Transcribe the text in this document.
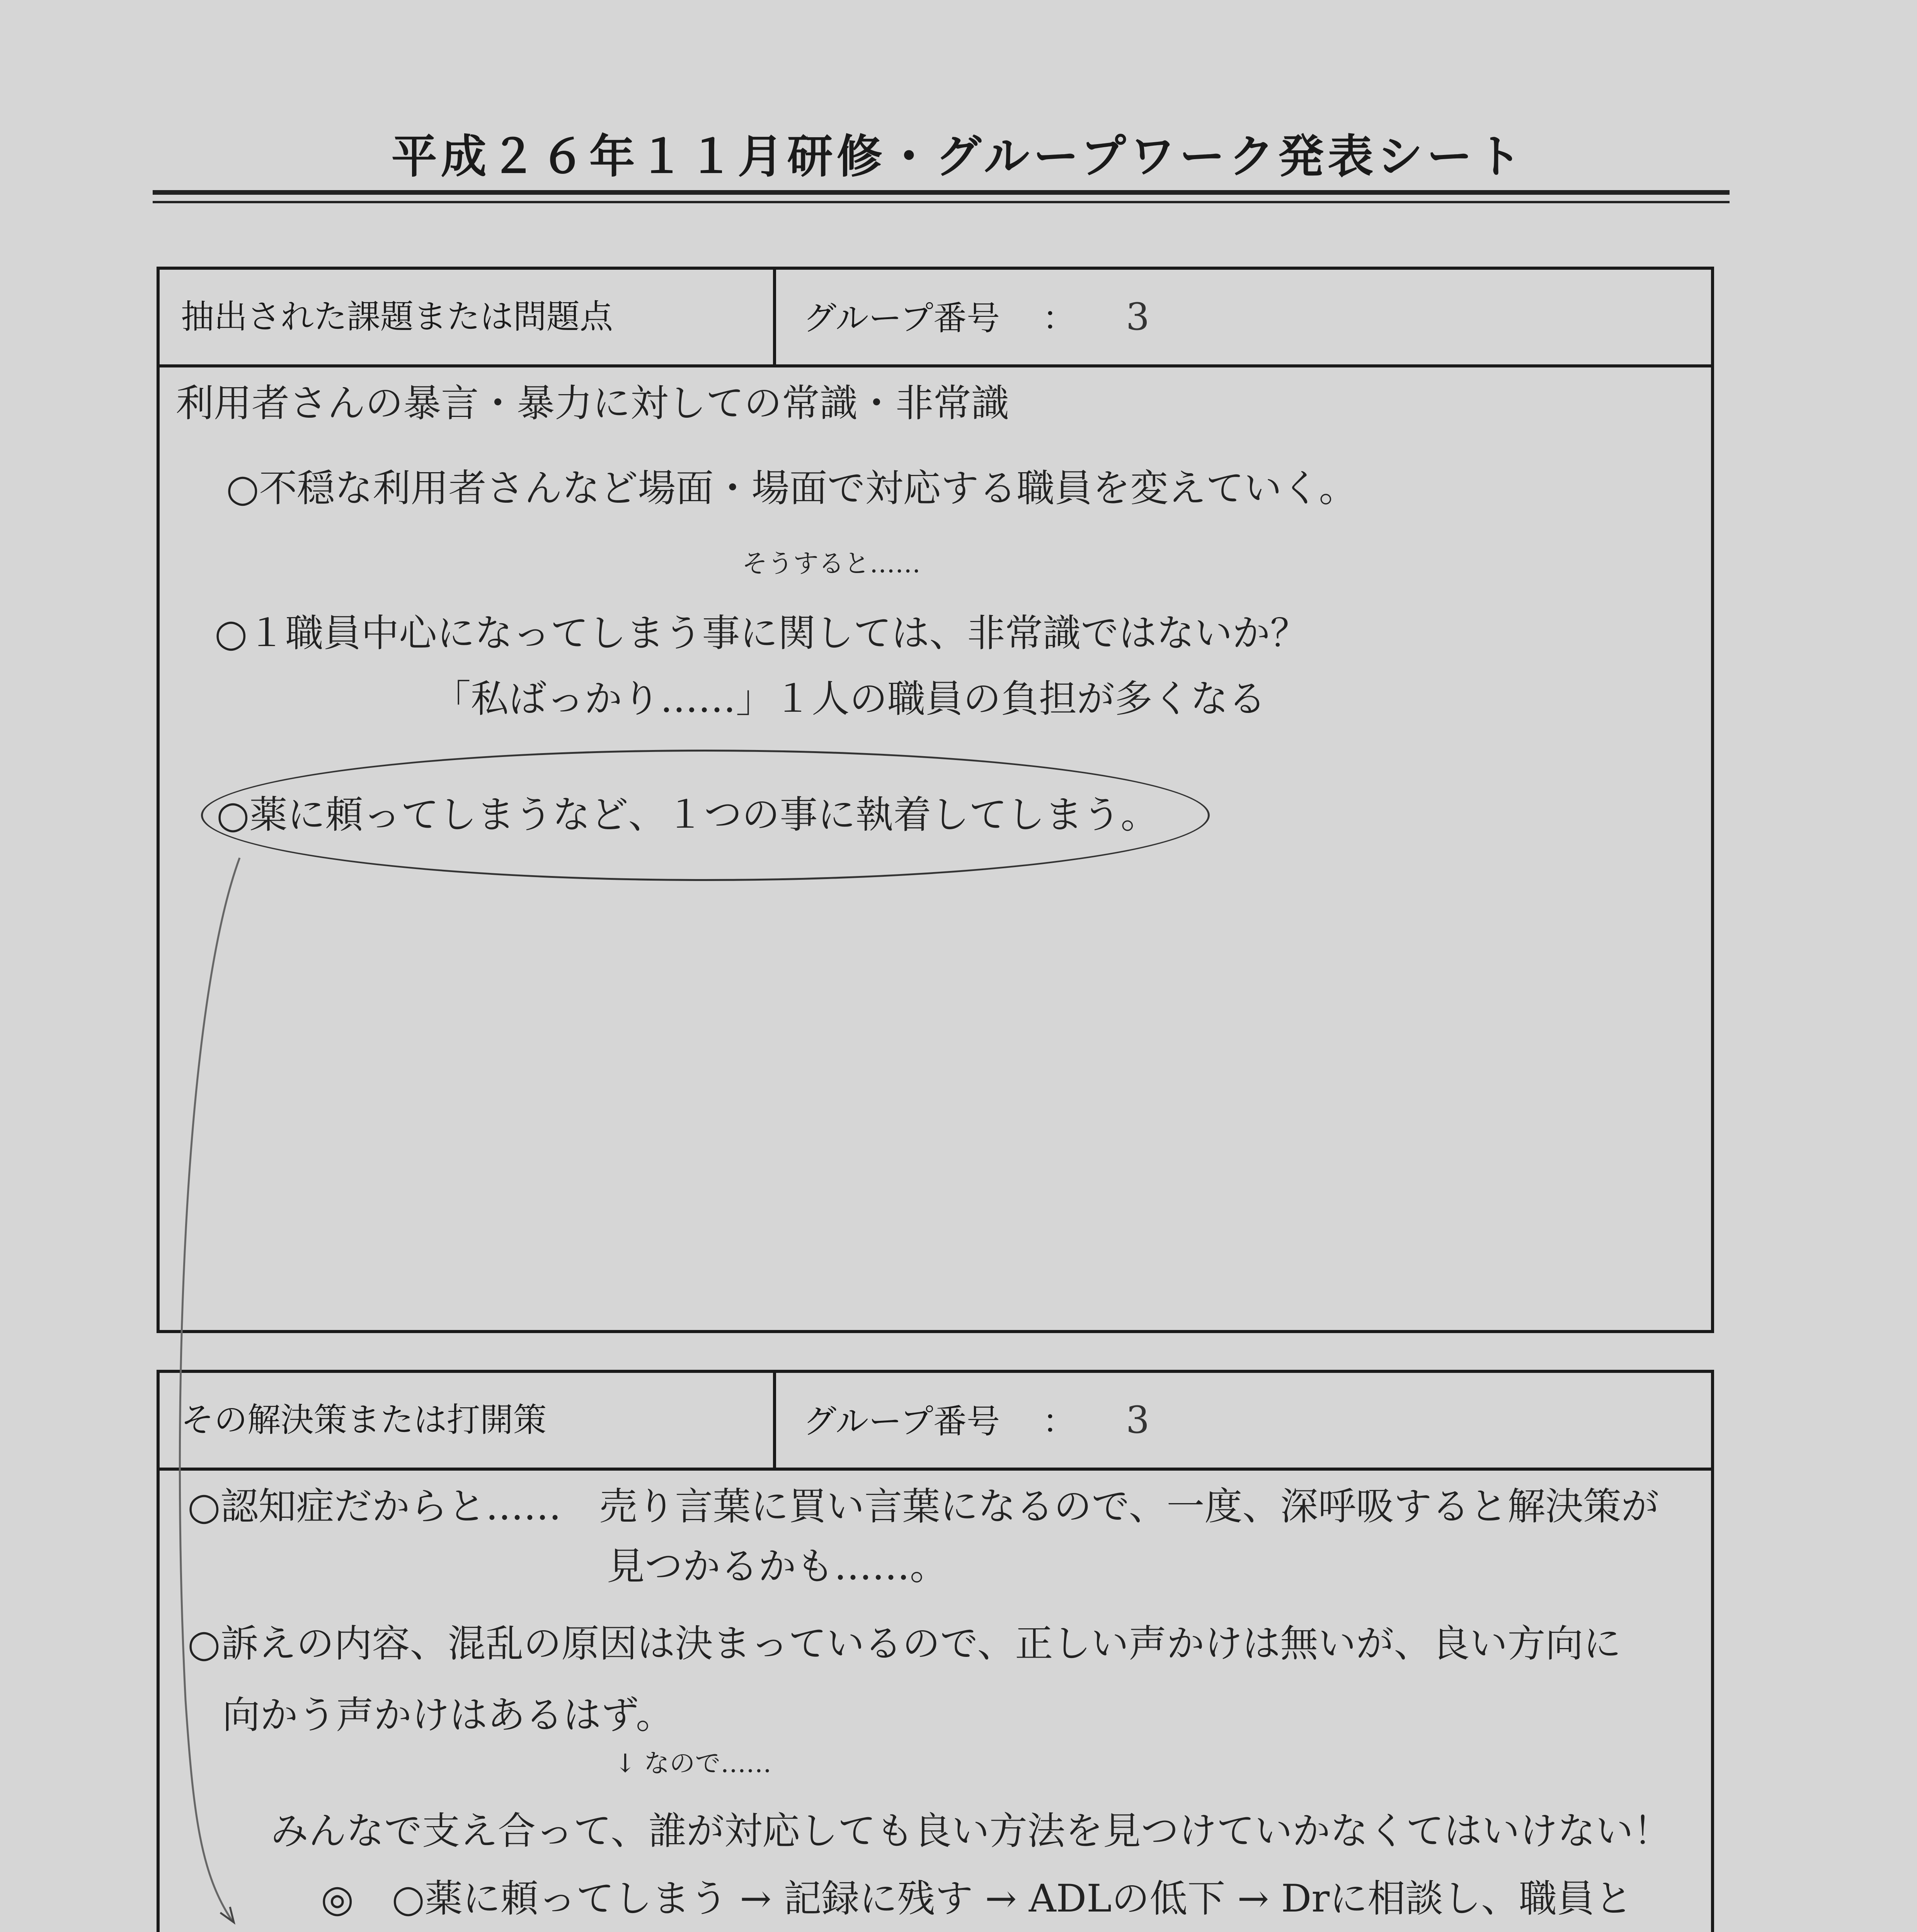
平成２６年１１月研修・グループワーク発表シート
抽出された課題または問題点	グループ番号 ： 3
利用者さんの暴言・暴力に対しての常識・非常識
○不穏な利用者さんなど場面・場面で対応する職員を変えていく。
そうすると……
○１職員中心になってしまう事に関しては、非常識ではないか？
「私ばっかり……」１人の職員の負担が多くなる
○薬に頼ってしまうなど、１つの事に執着してしまう。
その解決策または打開策	グループ番号 ： 3
○認知症だからと……　売り言葉に買い言葉になるので、一度、深呼吸すると解決策が
見つかるかも……。
○訴えの内容、混乱の原因は決まっているので、正しい声かけは無いが、良い方向に
向かう声かけはあるはず。
↓ なので……
みんなで支え合って、誰が対応しても良い方法を見つけていかなくてはいけない！
◎　○薬に頼ってしまう → 記録に残す → ADLの低下 → Drに相談し、職員と
